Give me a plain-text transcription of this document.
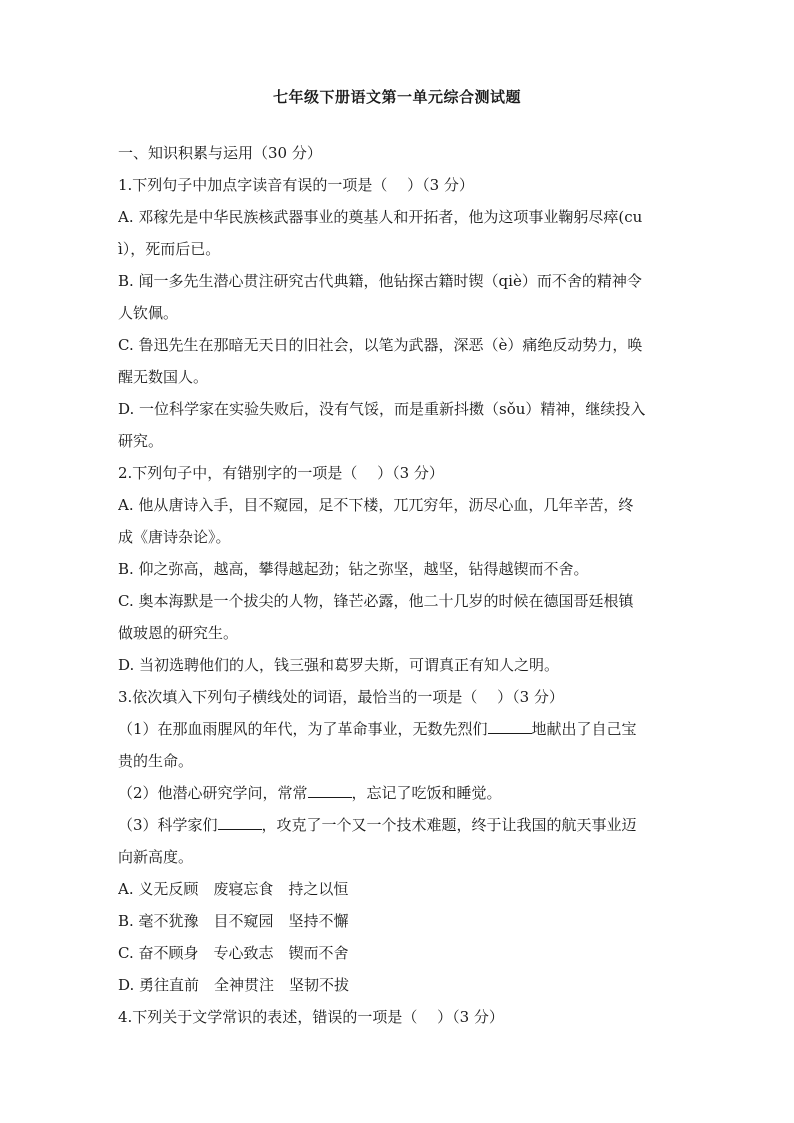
七年级下册语文第一单元综合测试题
一、知识积累与运用（30 分）
1.下列句子中加点字读音有误的一项是（　 ）（3 分）
A. 邓稼先是中华民族核武器事业的奠基人和开拓者，他为这项事业鞠躬尽瘁(cu
ì），死而后已。
B. 闻一多先生潜心贯注研究古代典籍，他钻探古籍时锲（qiè）而不舍的精神令
人钦佩。
C. 鲁迅先生在那暗无天日的旧社会，以笔为武器，深恶（è）痛绝反动势力，唤
醒无数国人。
D. 一位科学家在实验失败后，没有气馁，而是重新抖擞（sǒu）精神，继续投入
研究。
2.下列句子中，有错别字的一项是（　 ）（3 分）
A. 他从唐诗入手，目不窥园，足不下楼，兀兀穷年，沥尽心血，几年辛苦，终
成《唐诗杂论》。
B. 仰之弥高，越高，攀得越起劲；钻之弥坚，越坚，钻得越锲而不舍。
C. 奥本海默是一个拔尖的人物，锋芒必露，他二十几岁的时候在德国哥廷根镇
做玻恩的研究生。
D. 当初选聘他们的人，钱三强和葛罗夫斯，可谓真正有知人之明。
3.依次填入下列句子横线处的词语，最恰当的一项是（　 ）（3 分）
（1）在那血雨腥风的年代，为了革命事业，无数先烈们	地献出了自己宝
贵的生命。
（2）他潜心研究学问，常常	，忘记了吃饭和睡觉。
（3）科学家们	，攻克了一个又一个技术难题，终于让我国的航天事业迈
向新高度。
A. 义无反顾　废寝忘食　持之以恒
B. 毫不犹豫　目不窥园　坚持不懈
C. 奋不顾身　专心致志　锲而不舍
D. 勇往直前　全神贯注　坚韧不拔
4.下列关于文学常识的表述，错误的一项是（　 ）（3 分）
